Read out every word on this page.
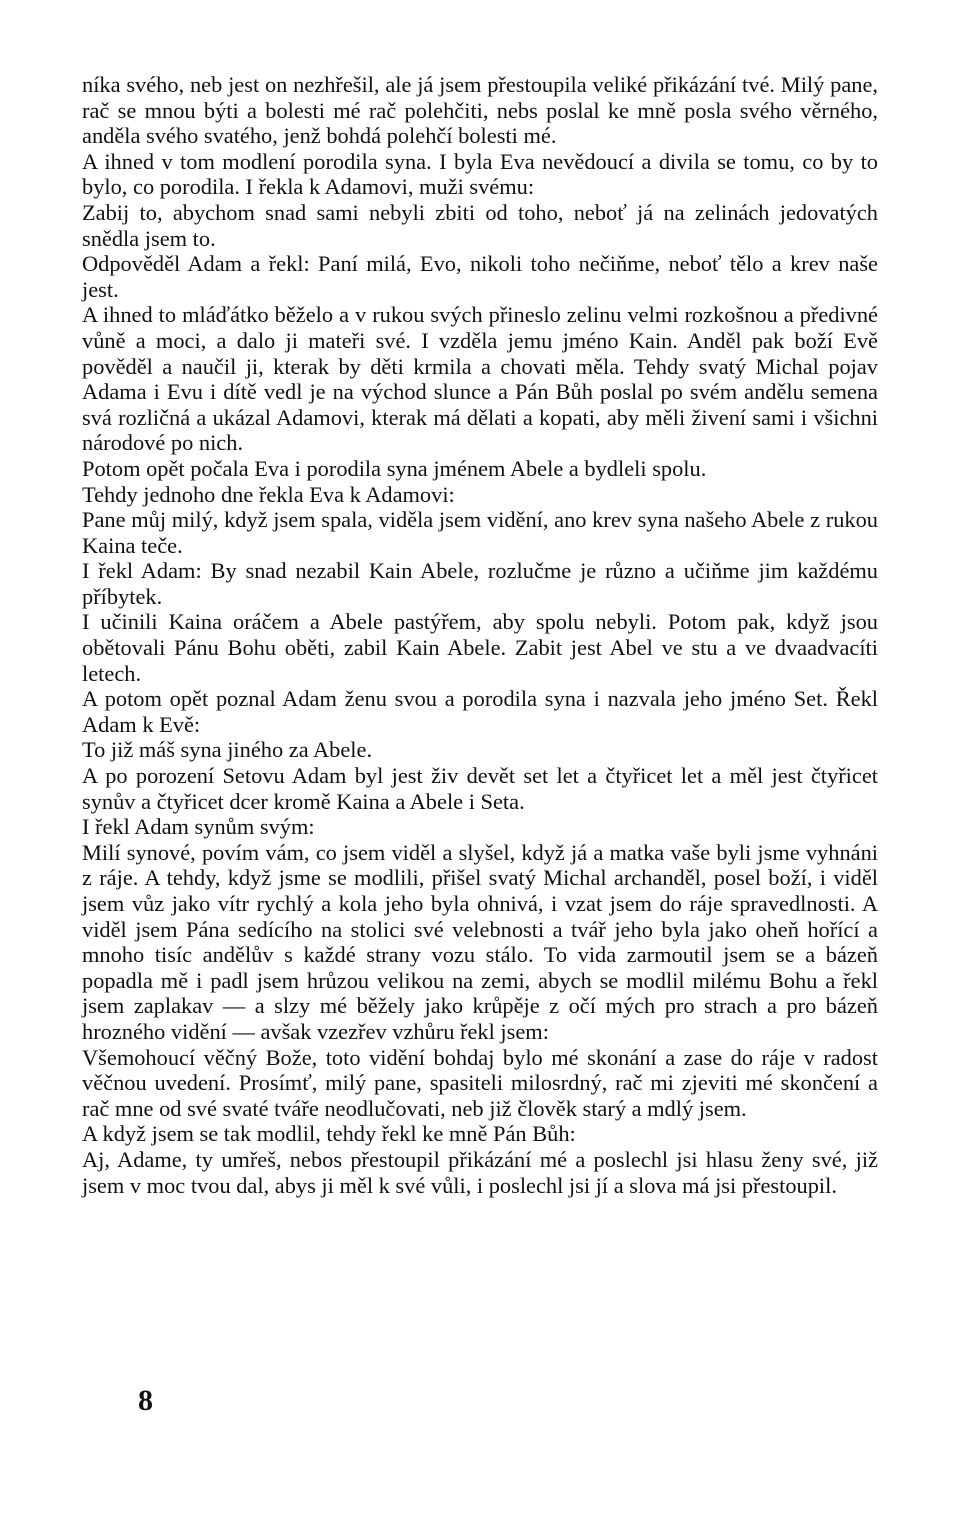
níka svého, neb jest on nezhřešil, ale já jsem přestoupila veliké přikázání tvé. Milý pane, rač se mnou býti a bolesti mé rač polehčiti, nebs poslal ke mně posla svého věrného, anděla svého svatého, jenž bohdá polehčí bolesti mé.

A ihned v tom modlení porodila syna. I byla Eva nevědoucí a divila se tomu, co by to bylo, co porodila. I řekla k Adamovi, muži svému:

Zabij to, abychom snad sami nebyli zbiti od toho, neboť já na zelinách jedovatých snědla jsem to.

Odpověděl Adam a řekl: Paní milá, Evo, nikoli toho nečiňme, neboť tělo a krev naše jest.

A ihned to mláďátko běželo a v rukou svých přineslo zelinu velmi rozkošnou a předivné vůně a moci, a dalo ji mateři své. I vzděla jemu jméno Kain. Anděl pak boží Evě pověděl a naučil ji, kterak by děti krmila a chovati měla. Tehdy svatý Michal pojav Adama i Evu i dítě vedl je na východ slunce a Pán Bůh poslal po svém andělu semena svá rozličná a ukázal Adamovi, kterak má dělati a kopati, aby měli živení sami i všichni národové po nich.

Potom opět počala Eva i porodila syna jménem Abele a bydleli spolu.

Tehdy jednoho dne řekla Eva k Adamovi:

Pane můj milý, když jsem spala, viděla jsem vidění, ano krev syna našeho Abele z rukou Kaina teče.

I řekl Adam: By snad nezabil Kain Abele, rozlučme je různo a učiňme jim každému příbytek.

I učinili Kaina oráčem a Abele pastýřem, aby spolu nebyli. Potom pak, když jsou obětovali Pánu Bohu oběti, zabil Kain Abele. Zabit jest Abel ve stu a ve dvaadvacíti letech.

A potom opět poznal Adam ženu svou a porodila syna i nazvala jeho jméno Set. Řekl Adam k Evě:

To již máš syna jiného za Abele.

A po porození Setovu Adam byl jest živ devět set let a čtyřicet let a měl jest čtyřicet synův a čtyřicet dcer kromě Kaina a Abele i Seta.

I řekl Adam synům svým:

Milí synové, povím vám, co jsem viděl a slyšel, když já a matka vaše byli jsme vyhnáni z ráje. A tehdy, když jsme se modlili, přišel svatý Michal archanděl, posel boží, i viděl jsem vůz jako vítr rychlý a kola jeho byla ohnivá, i vzat jsem do ráje spravedlnosti. A viděl jsem Pána sedícího na stolici své velebnosti a tvář jeho byla jako oheň hořící a mnoho tisíc andělův s každé strany vozu stálo. To vida zarmoutil jsem se a bázeň popadla mě i padl jsem hrůzou velikou na zemi, abych se modlil milému Bohu a řekl jsem zaplakav — a slzy mé běžely jako krůpěje z očí mých pro strach a pro bázeň hrozného vidění — avšak vzezřev vzhůru řekl jsem:

Všemohoucí věčný Bože, toto vidění bohdaj bylo mé skonání a zase do ráje v radost věčnou uvedení. Prosímť, milý pane, spasiteli milosrdný, rač mi zjeviti mé skončení a rač mne od své svaté tváře neodlučovati, neb již člověk starý a mdlý jsem.

A když jsem se tak modlil, tehdy řekl ke mně Pán Bůh:

Aj, Adame, ty umřeš, nebos přestoupil přikázání mé a poslechl jsi hlasu ženy své, již jsem v moc tvou dal, abys ji měl k své vůli, i poslechl jsi jí a slova má jsi přestoupil.

8
